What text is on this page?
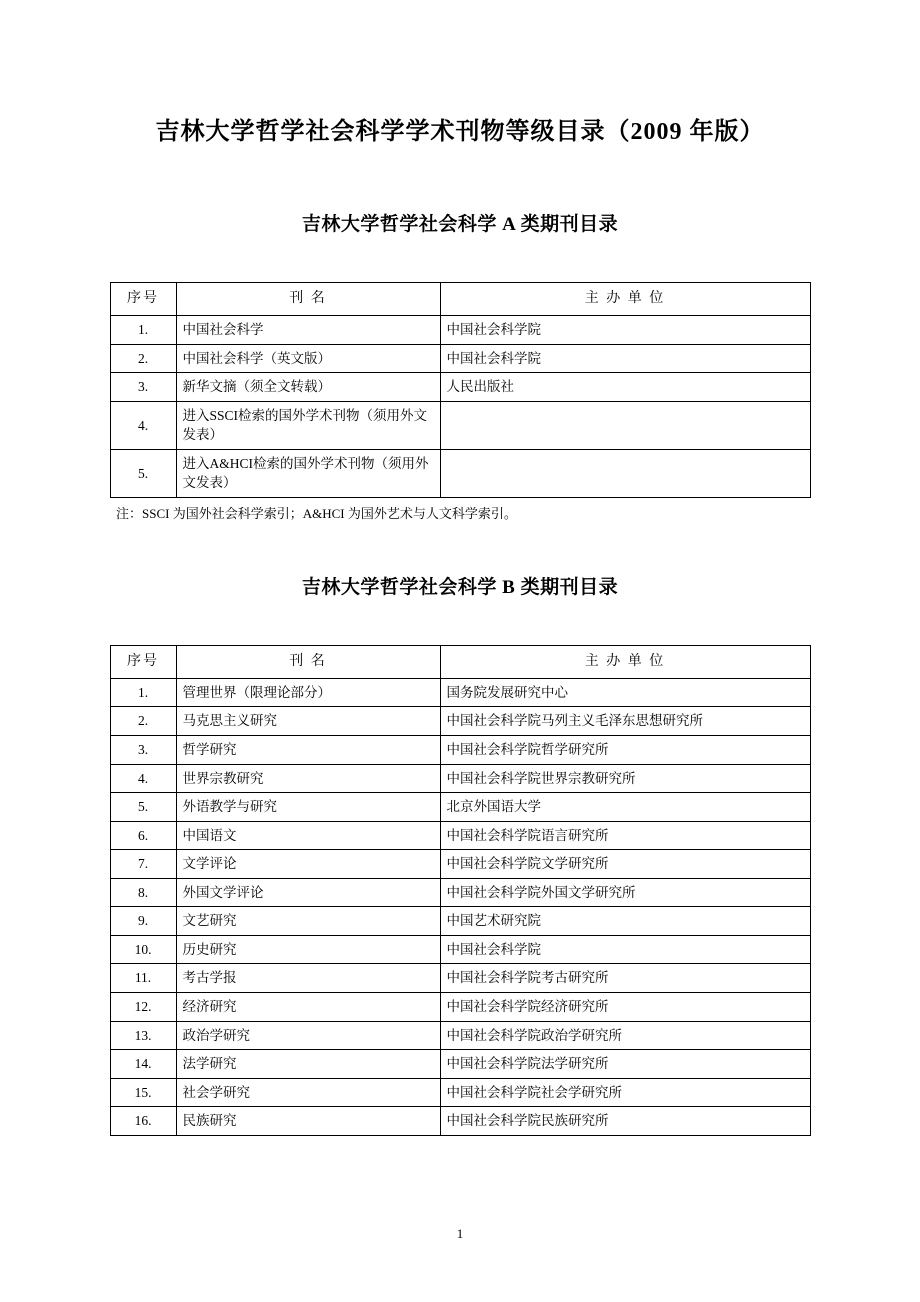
吉林大学哲学社会科学学术刊物等级目录（2009 年版）
吉林大学哲学社会科学 A 类期刊目录
序号	刊 名	主 办 单 位
1.	中国社会科学	中国社会科学院
2.	中国社会科学（英文版）	中国社会科学院
3.	新华文摘（须全文转载）	人民出版社
4.	进入SSCI检索的国外学术刊物（须用外文发表）	
5.	进入A&HCI检索的国外学术刊物（须用外文发表）	
注：SSCI 为国外社会科学索引；A&HCI 为国外艺术与人文科学索引。
吉林大学哲学社会科学 B 类期刊目录
序号	刊 名	主 办 单 位
1.	管理世界（限理论部分）	国务院发展研究中心
2.	马克思主义研究	中国社会科学院马列主义毛泽东思想研究所
3.	哲学研究	中国社会科学院哲学研究所
4.	世界宗教研究	中国社会科学院世界宗教研究所
5.	外语教学与研究	北京外国语大学
6.	中国语文	中国社会科学院语言研究所
7.	文学评论	中国社会科学院文学研究所
8.	外国文学评论	中国社会科学院外国文学研究所
9.	文艺研究	中国艺术研究院
10.	历史研究	中国社会科学院
11.	考古学报	中国社会科学院考古研究所
12.	经济研究	中国社会科学院经济研究所
13.	政治学研究	中国社会科学院政治学研究所
14.	法学研究	中国社会科学院法学研究所
15.	社会学研究	中国社会科学院社会学研究所
16.	民族研究	中国社会科学院民族研究所
1
